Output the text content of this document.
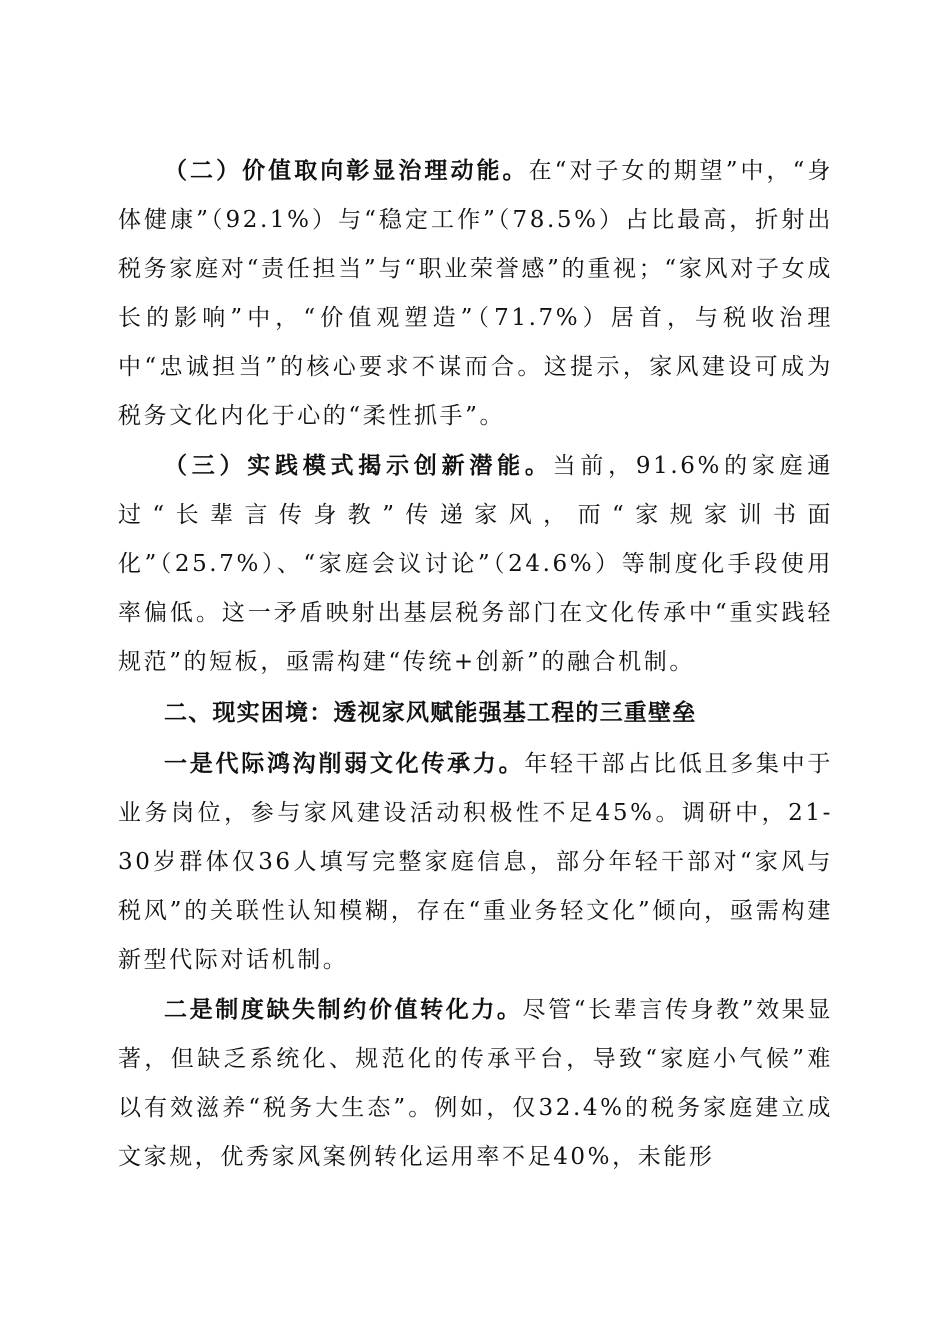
（二）价值取向彰显治理动能。在“对子女的期望”中，“身体健康”（92.1%）与“稳定工作”（78.5%）占比最高，折射出税务家庭对“责任担当”与“职业荣誉感”的重视；“家风对子女成长的影响”中，“价值观塑造”（71.7%）居首，与税收治理中“忠诚担当”的核心要求不谋而合。这提示，家风建设可成为税务文化内化于心的“柔性抓手”。

（三）实践模式揭示创新潜能。当前，91.6%的家庭通过“长辈言传身教”传递家风，而“家规家训书面化”（25.7%）、“家庭会议讨论”（24.6%）等制度化手段使用率偏低。这一矛盾映射出基层税务部门在文化传承中“重实践轻规范”的短板，亟需构建“传统+创新”的融合机制。

二、现实困境：透视家风赋能强基工程的三重壁垒

一是代际鸿沟削弱文化传承力。年轻干部占比低且多集中于业务岗位，参与家风建设活动积极性不足45%。调研中，21-30岁群体仅36人填写完整家庭信息，部分年轻干部对“家风与税风”的关联性认知模糊，存在“重业务轻文化”倾向，亟需构建新型代际对话机制。

二是制度缺失制约价值转化力。尽管“长辈言传身教”效果显著，但缺乏系统化、规范化的传承平台，导致“家庭小气候”难以有效滋养“税务大生态”。例如，仅32.4%的税务家庭建立成文家规，优秀家风案例转化运用率不足40%，未能形
